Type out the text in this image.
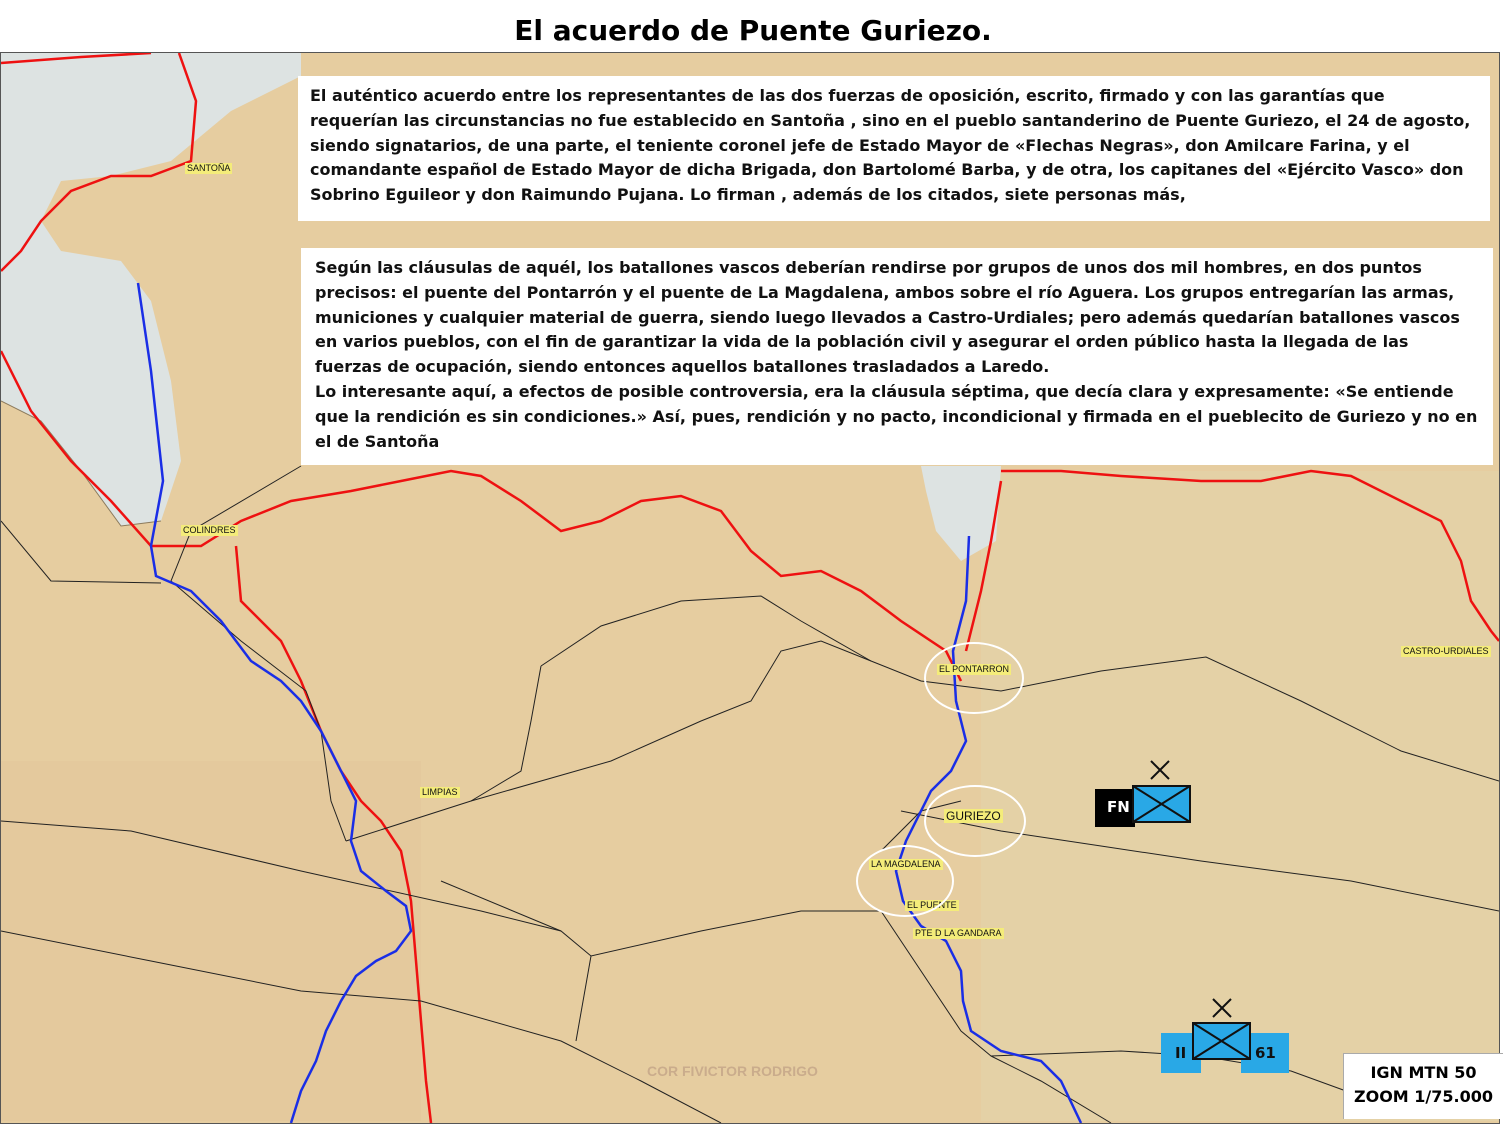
El acuerdo de Puente Guriezo.
SANTOÑA
COLINDRES
LIMPIAS
EL PONTARRON
GURIEZO
LA MAGDALENA
EL PUENTE
PTE D LA GANDARA
CASTRO-URDIALES
FN
II	61
COR FIVICTOR RODRIGO
El auténtico acuerdo entre los representantes de las dos fuerzas de oposición, escrito, firmado y con las garantías que requerían las circunstancias no fue establecido en Santoña , sino en el pueblo santanderino de Puente Guriezo, el 24 de agosto, siendo signatarios, de una parte, el teniente coronel jefe de Estado Mayor de «Flechas Negras», don Amilcare Farina, y el comandante español de Estado Mayor de dicha Brigada, don Bartolomé Barba, y de otra, los capitanes del «Ejército Vasco» don Sobrino Eguileor y don Raimundo Pujana. Lo firman , además de los citados, siete personas más,

Según las cláusulas de aquél, los batallones vascos deberían rendirse por grupos de unos dos mil hombres, en dos puntos precisos: el puente del Pontarrón y el puente de La Magdalena, ambos sobre el río Aguera. Los grupos entregarían las armas, municiones y cualquier material de guerra, siendo luego llevados a Castro-Urdiales; pero además quedarían batallones vascos en varios pueblos, con el fin de garantizar la vida de la población civil y asegurar el orden público hasta la llegada de las fuerzas de ocupación, siendo entonces aquellos batallones trasladados a Laredo.

Lo interesante aquí, a efectos de posible controversia, era la cláusula séptima, que decía clara y expresamente: «Se entiende que la rendición es sin condiciones.» Así, pues, rendición y no pacto, incondicional y firmada en el pueblecito de Guriezo y no en el de Santoña

IGN MTN 50
ZOOM 1/75.000
